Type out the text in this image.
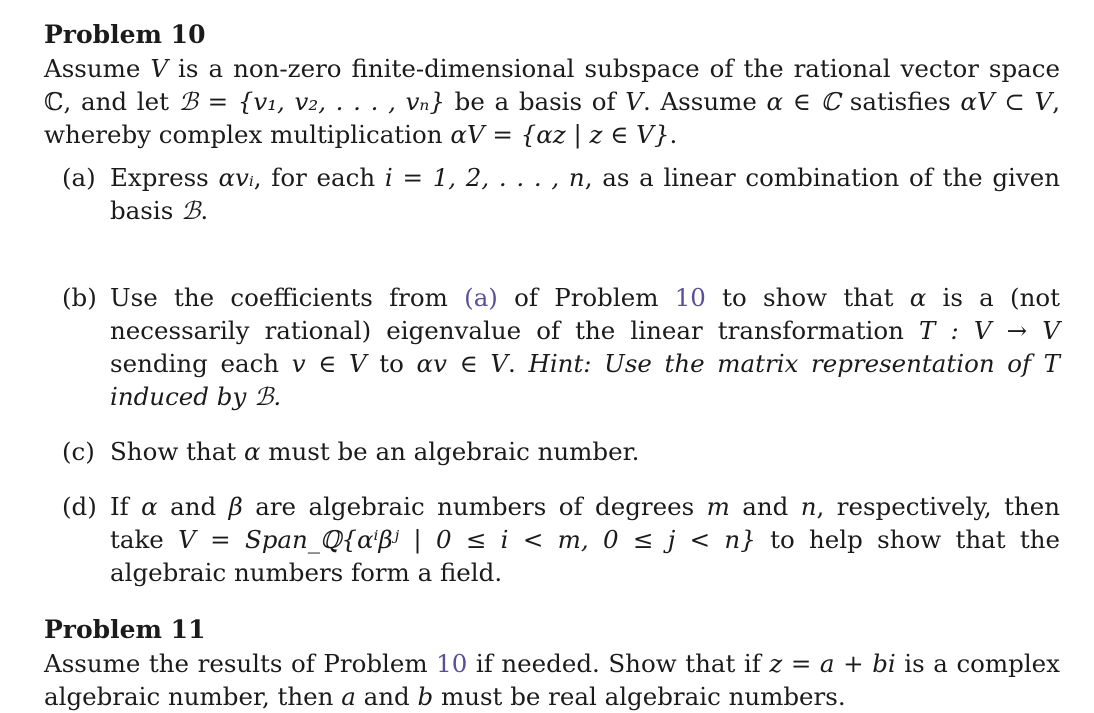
Problem 10
Assume V is a non-zero finite-dimensional subspace of the rational vector space ℂ, and let ℬ = {v₁, v₂, . . . , vₙ} be a basis of V. Assume α ∈ ℂ satisfies αV ⊂ V, whereby complex multiplication αV = {αz | z ∈ V}.
(a) Express αvᵢ, for each i = 1, 2, . . . , n, as a linear combination of the given basis ℬ.
(b) Use the coefficients from (a) of Problem 10 to show that α is a (not necessarily rational) eigenvalue of the linear transformation T : V → V sending each v ∈ V to αv ∈ V. Hint: Use the matrix representation of T induced by ℬ.
(c) Show that α must be an algebraic number.
(d) If α and β are algebraic numbers of degrees m and n, respectively, then take V = Span_ℚ{αⁱβʲ | 0 ≤ i < m, 0 ≤ j < n} to help show that the algebraic numbers form a field.
Problem 11
Assume the results of Problem 10 if needed. Show that if z = a + bi is a complex algebraic number, then a and b must be real algebraic numbers.
